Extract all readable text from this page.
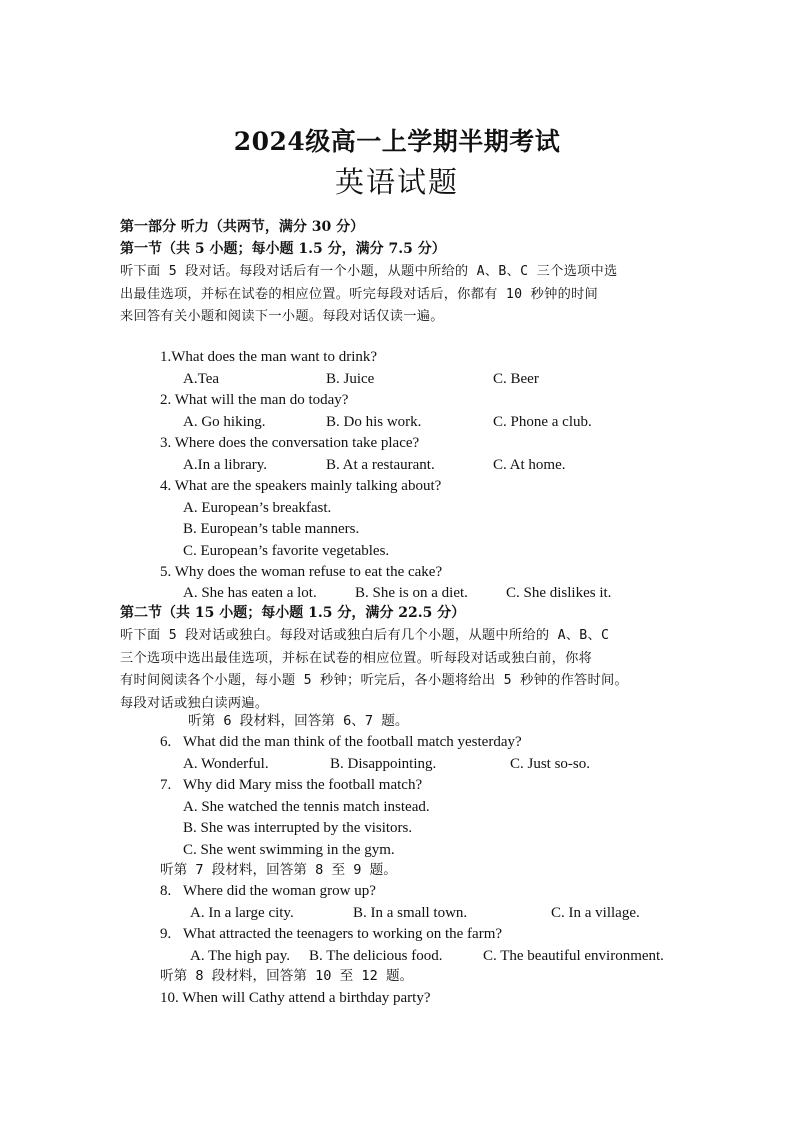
2024级高一上学期半期考试
英语试题
第一部分 听力（共两节，满分 30 分）
第一节（共 5 小题；每小题 1.5 分，满分 7.5 分）
听下面 5 段对话。每段对话后有一个小题，从题中所给的 A、B、C 三个选项中选
出最佳选项，并标在试卷的相应位置。听完每段对话后，你都有 10 秒钟的时间
来回答有关小题和阅读下一小题。每段对话仅读一遍。
1.What does the man want to drink?
A.Tea	B. Juice	C. Beer
2. What will the man do today?
A. Go hiking.	B. Do his work.	C. Phone a club.
3. Where does the conversation take place?
A.In a library.	B. At a restaurant.	C. At home.
4. What are the speakers mainly talking about?
A. European’s breakfast.
B. European’s table manners.
C. European’s favorite vegetables.
5. Why does the woman refuse to eat the cake?
A. She has eaten a lot.	B. She is on a diet.	C. She dislikes it.
第二节（共 15 小题；每小题 1.5 分，满分 22.5 分）
听下面 5 段对话或独白。每段对话或独白后有几个小题，从题中所给的 A、B、C
三个选项中选出最佳选项，并标在试卷的相应位置。听每段对话或独白前，你将
有时间阅读各个小题，每小题 5 秒钟；听完后，各小题将给出 5 秒钟的作答时间。
每段对话或独白读两遍。
听第 6 段材料，回答第 6、7 题。
6. What did the man think of the football match yesterday?
A. Wonderful.	B. Disappointing.	C. Just so-so.
7. Why did Mary miss the football match?
A. She watched the tennis match instead.
B. She was interrupted by the visitors.
C. She went swimming in the gym.
听第 7 段材料，回答第 8 至 9 题。
8. Where did the woman grow up?
A. In a large city.	B. In a small town.	C. In a village.
9. What attracted the teenagers to working on the farm?
A. The high pay. B. The delicious food.	C. The beautiful environment.
听第 8 段材料，回答第 10 至 12 题。
10. When will Cathy attend a birthday party?
